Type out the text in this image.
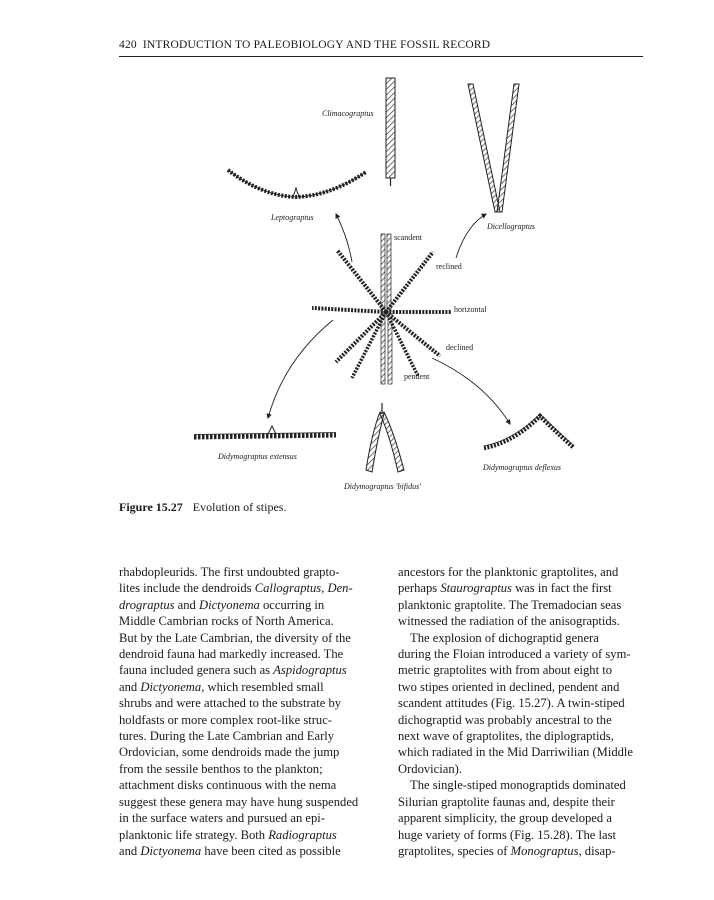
420 INTRODUCTION TO PALEOBIOLOGY AND THE FOSSIL RECORD
Climacograptus
Dicellograptus
Leptograptus
scandent
reclined
horizontal
declined
pendent
Didymograptus extensus
Didymograptus 'bifidus'
Didymograptus deflexus
Figure 15.27 Evolution of stipes.

rhabdopleurids. The first undoubted grapto-

lites include the dendroids Callograptus, Den-

drograptus and Dictyonema occurring in

Middle Cambrian rocks of North America.

But by the Late Cambrian, the diversity of the

dendroid fauna had markedly increased. The

fauna included genera such as Aspidograptus

and Dictyonema, which resembled small

shrubs and were attached to the substrate by

holdfasts or more complex root-like struc-

tures. During the Late Cambrian and Early

Ordovician, some dendroids made the jump

from the sessile benthos to the plankton;

attachment disks continuous with the nema

suggest these genera may have hung suspended

in the surface waters and pursued an epi-

planktonic life strategy. Both Radiograptus

and Dictyonema have been cited as possible

ancestors for the planktonic graptolites, and

perhaps Staurograptus was in fact the first

planktonic graptolite. The Tremadocian seas

witnessed the radiation of the anisograptids.

The explosion of dichograptid genera

during the Floian introduced a variety of sym-

metric graptolites with from about eight to

two stipes oriented in declined, pendent and

scandent attitudes (Fig. 15.27). A twin-stiped

dichograptid was probably ancestral to the

next wave of graptolites, the diplograptids,

which radiated in the Mid Darriwilian (Middle

Ordovician).

The single-stiped monograptids dominated

Silurian graptolite faunas and, despite their

apparent simplicity, the group developed a

huge variety of forms (Fig. 15.28). The last

graptolites, species of Monograptus, disap-
